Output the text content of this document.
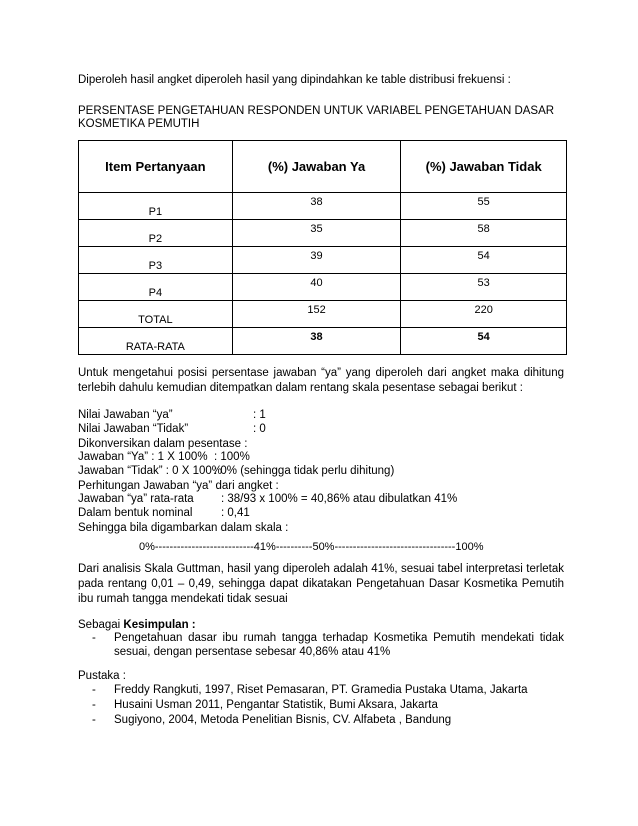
Diperoleh hasil angket diperoleh hasil yang dipindahkan ke table distribusi frekuensi :
PERSENTASE PENGETAHUAN RESPONDEN UNTUK VARIABEL PENGETAHUAN DASAR
KOSMETIKA PEMUTIH
Item Pertanyaan	(%) Jawaban Ya	(%) Jawaban Tidak

P1	38	55

P2	35	58

P3	39	54

P4	40	53

TOTAL	152	220

RATA-RATA	38	54
Untuk mengetahui posisi persentase jawaban “ya” yang diperoleh dari angket maka dihitung
terlebih dahulu kemudian ditempatkan dalam rentang skala pesentase sebagai berikut :
Nilai Jawaban “ya”	: 1
Nilai Jawaban “Tidak”	: 0
Dikonversikan dalam pesentase :
Jawaban “Ya” : 1 X 100% : 100%
Jawaban “Tidak” : 0 X 100%
: 0% (sehingga tidak perlu dihitung)
Perhitungan Jawaban “ya” dari angket :
Jawaban “ya” rata-rata : 38/93 x 100% = 40,86% atau dibulatkan 41%
Dalam bentuk nominal : 0,41
Sehingga bila digambarkan dalam skala :
0%---------------------------41%----------50%---------------------------------100%
Dari analisis Skala Guttman, hasil yang diperoleh adalah 41%, sesuai tabel interpretasi terletak
pada rentang 0,01 – 0,49, sehingga dapat dikatakan Pengetahuan Dasar Kosmetika Pemutih
ibu rumah tangga mendekati tidak sesuai
Sebagai Kesimpulan :
- Pengetahuan dasar ibu rumah tangga terhadap Kosmetika Pemutih mendekati tidak
sesuai, dengan persentase sebesar 40,86% atau 41%
Pustaka :
- Freddy Rangkuti, 1997, Riset Pemasaran, PT. Gramedia Pustaka Utama, Jakarta
- Husaini Usman 2011, Pengantar Statistik, Bumi Aksara, Jakarta
- Sugiyono, 2004, Metoda Penelitian Bisnis, CV. Alfabeta , Bandung
